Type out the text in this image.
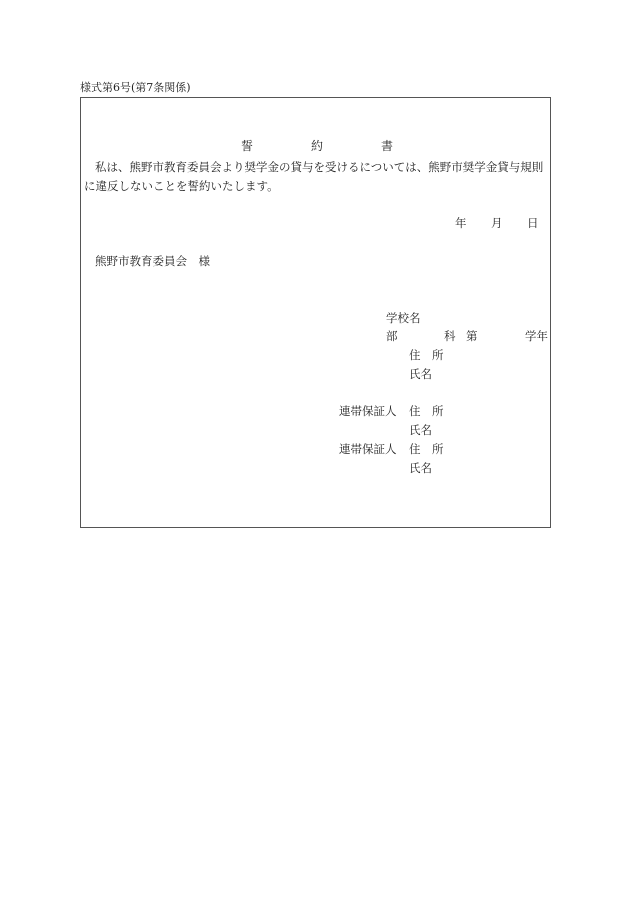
様式第6号(第7条関係)
誓	約	書
私は、熊野市教育委員会より奨学金の貸与を受けるについては、熊野市奨学金貸与規則
に違反しないことを誓約いたします。
年 月 日
熊野市教育委員会　様
学校名
部	科 第	学年
住　所
氏名
連帯保証人 住　所
氏名
連帯保証人 住　所
氏名
